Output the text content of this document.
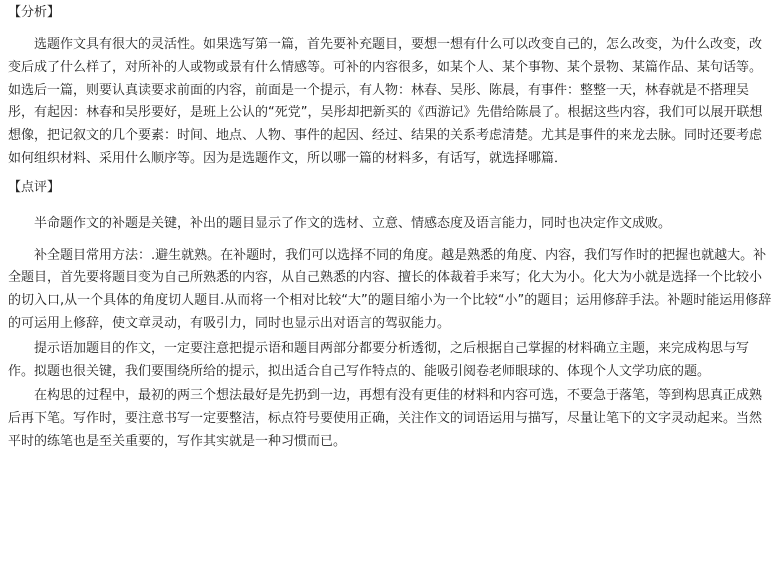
【分析】

选题作文具有很大的灵活性。如果选写第一篇，首先要补充题目，要想一想有什么可以改变自己的，怎么改变，为什么改变，改变后成了什么样了，对所补的人或物或景有什么情感等。可补的内容很多，如某个人、某个事物、某个景物、某篇作品、某句话等。如选后一篇，则要认真读要求前面的内容，前面是一个提示，有人物：林春、吴彤、陈晨，有事件：整整一天，林春就是不搭理吴彤，有起因：林春和吴彤要好，是班上公认的“死党”，吴彤却把新买的《西游记》先借给陈晨了。根据这些内容，我们可以展开联想想像，把记叙文的几个要素：时间、地点、人物、事件的起因、经过、结果的关系考虑清楚。尤其是事件的来龙去脉。同时还要考虑如何组织材料、采用什么顺序等。因为是选题作文，所以哪一篇的材料多，有话写，就选择哪篇．

【点评】

半命题作文的补题是关键，补出的题目显示了作文的选材、立意、情感态度及语言能力，同时也决定作文成败。

补全题目常用方法：.避生就熟。在补题时，我们可以选择不同的角度。越是熟悉的角度、内容，我们写作时的把握也就越大。补全题目，首先要将题目变为自己所熟悉的内容，从自己熟悉的内容、擅长的体裁着手来写；化大为小。化大为小就是选择一个比较小的切入口,从一个具体的角度切人题目.从而将一个相对比较“大”的题目缩小为一个比较“小”的题目；运用修辞手法。补题时能运用修辞的可运用上修辞，使文章灵动，有吸引力，同时也显示出对语言的驾驭能力。

提示语加题目的作文，一定要注意把提示语和题目两部分都要分析透彻，之后根据自己掌握的材料确立主题，来完成构思与写作。拟题也很关键，我们要围绕所给的提示，拟出适合自己写作特点的、能吸引阅卷老师眼球的、体现个人文学功底的题。

在构思的过程中，最初的两三个想法最好是先扔到一边，再想有没有更佳的材料和内容可选，不要急于落笔，等到构思真正成熟后再下笔。写作时，要注意书写一定要整洁，标点符号要使用正确，关注作文的词语运用与描写，尽量让笔下的文字灵动起来。当然平时的练笔也是至关重要的，写作其实就是一种习惯而已。
